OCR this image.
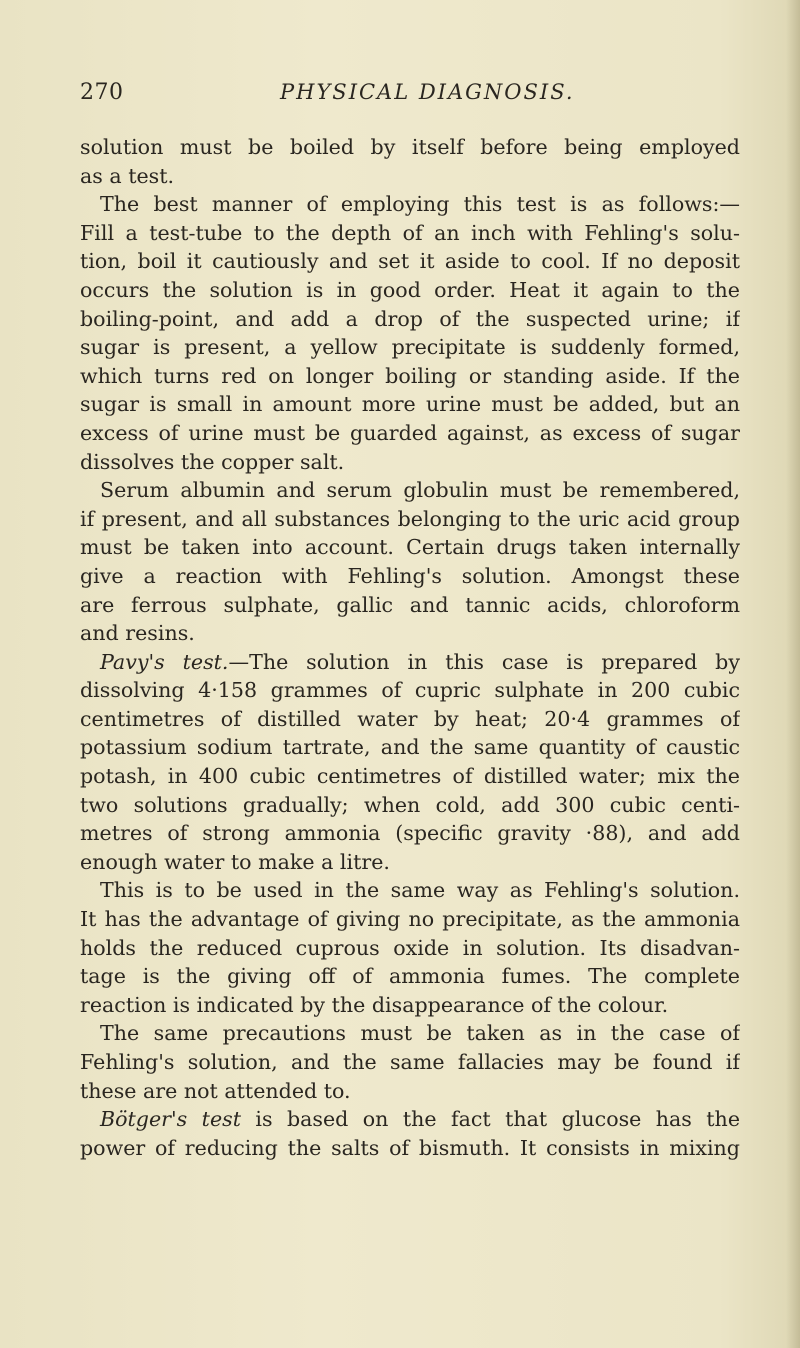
270	PHYSICAL DIAGNOSIS.
solution must be boiled by itself before being employed
as a test.
The best manner of employing this test is as follows:—
Fill a test-tube to the depth of an inch with Fehling's solu-
tion, boil it cautiously and set it aside to cool. If no deposit
occurs the solution is in good order. Heat it again to the
boiling-point, and add a drop of the suspected urine; if
sugar is present, a yellow precipitate is suddenly formed,
which turns red on longer boiling or standing aside. If the
sugar is small in amount more urine must be added, but an
excess of urine must be guarded against, as excess of sugar
dissolves the copper salt.
Serum albumin and serum globulin must be remembered,
if present, and all substances belonging to the uric acid group
must be taken into account. Certain drugs taken internally
give a reaction with Fehling's solution. Amongst these
are ferrous sulphate, gallic and tannic acids, chloroform
and resins.
Pavy's test.—The solution in this case is prepared by
dissolving 4·158 grammes of cupric sulphate in 200 cubic
centimetres of distilled water by heat; 20·4 grammes of
potassium sodium tartrate, and the same quantity of caustic
potash, in 400 cubic centimetres of distilled water; mix the
two solutions gradually; when cold, add 300 cubic centi-
metres of strong ammonia (specific gravity ·88), and add
enough water to make a litre.
This is to be used in the same way as Fehling's solution.
It has the advantage of giving no precipitate, as the ammonia
holds the reduced cuprous oxide in solution. Its disadvan-
tage is the giving off of ammonia fumes. The complete
reaction is indicated by the disappearance of the colour.
The same precautions must be taken as in the case of
Fehling's solution, and the same fallacies may be found if
these are not attended to.
Bötger's test is based on the fact that glucose has the
power of reducing the salts of bismuth. It consists in mixing
